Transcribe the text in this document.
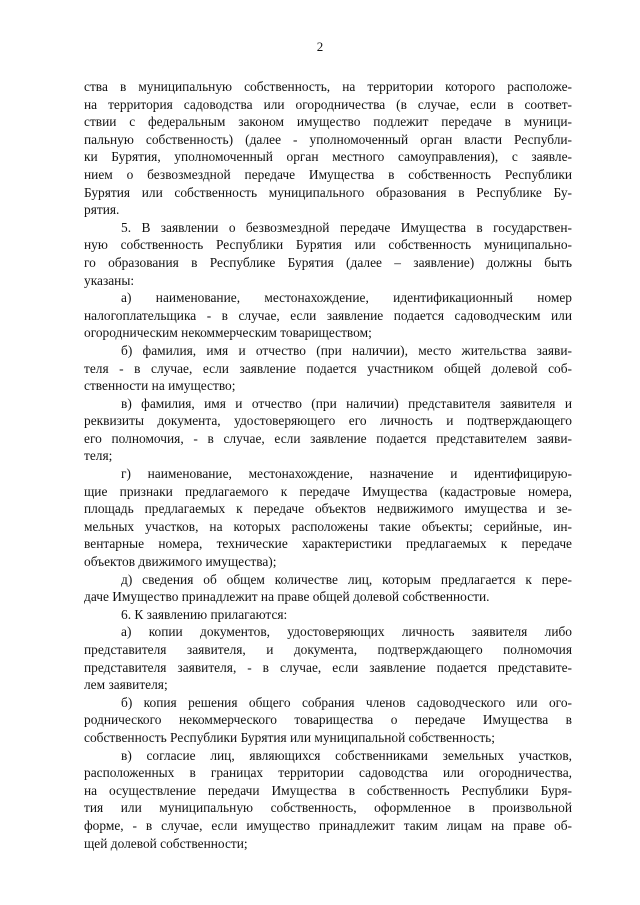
2
ства в муниципальную собственность, на территории которого расположе-
на территория садоводства или огородничества (в случае, если в соответ-
ствии с федеральным законом имущество подлежит передаче в муници-
пальную собственность) (далее - уполномоченный орган власти Республи-
ки Бурятия, уполномоченный орган местного самоуправления), с заявле-
нием о безвозмездной передаче Имущества в собственность Республики
Бурятия или собственность муниципального образования в Республике Бу-
рятия.
5. В заявлении о безвозмездной передаче Имущества в государствен-
ную собственность Республики Бурятия или собственность муниципально-
го образования в Республике Бурятия (далее – заявление) должны быть
указаны:
а) наименование, местонахождение, идентификационный номер
налогоплательщика - в случае, если заявление подается садоводческим или
огородническим некоммерческим товариществом;
б) фамилия, имя и отчество (при наличии), место жительства заяви-
теля - в случае, если заявление подается участником общей долевой соб-
ственности на имущество;
в) фамилия, имя и отчество (при наличии) представителя заявителя и
реквизиты документа, удостоверяющего его личность и подтверждающего
его полномочия, - в случае, если заявление подается представителем заяви-
теля;
г) наименование, местонахождение, назначение и идентифицирую-
щие признаки предлагаемого к передаче Имущества (кадастровые номера,
площадь предлагаемых к передаче объектов недвижимого имущества и зе-
мельных участков, на которых расположены такие объекты; серийные, ин-
вентарные номера, технические характеристики предлагаемых к передаче
объектов движимого имущества);
д) сведения об общем количестве лиц, которым предлагается к пере-
даче Имущество принадлежит на праве общей долевой собственности.
6. К заявлению прилагаются:
а) копии документов, удостоверяющих личность заявителя либо
представителя заявителя, и документа, подтверждающего полномочия
представителя заявителя, - в случае, если заявление подается представите-
лем заявителя;
б) копия решения общего собрания членов садоводческого или ого-
роднического некоммерческого товарищества о передаче Имущества в
собственность Республики Бурятия или муниципальной собственность;
в) согласие лиц, являющихся собственниками земельных участков,
расположенных в границах территории садоводства или огородничества,
на осуществление передачи Имущества в собственность Республики Буря-
тия или муниципальную собственность, оформленное в произвольной
форме, - в случае, если имущество принадлежит таким лицам на праве об-
щей долевой собственности;
